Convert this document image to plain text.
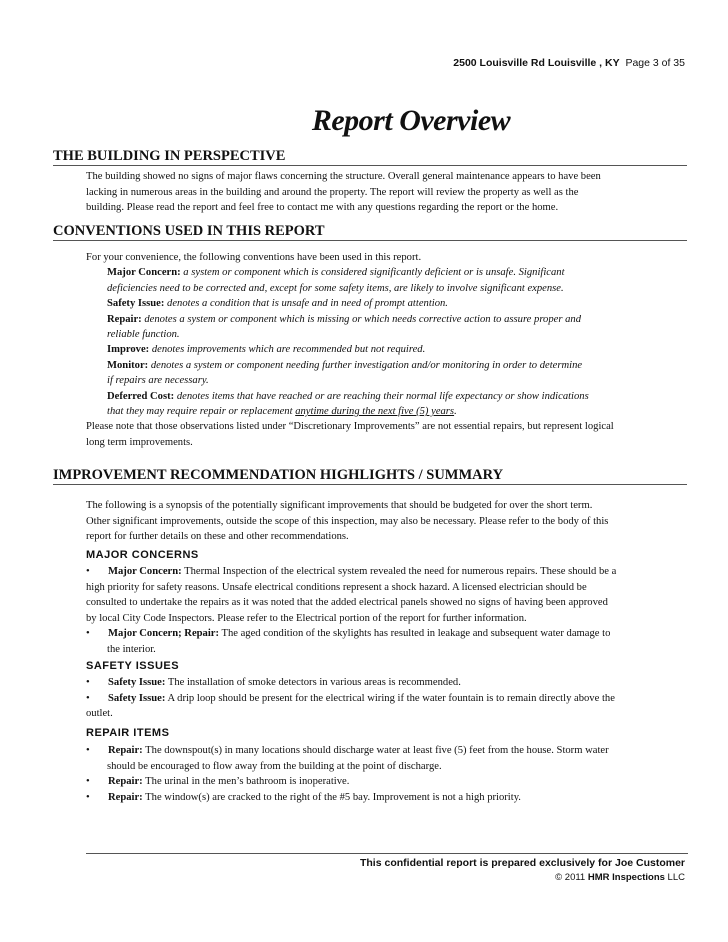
2500 Louisville Rd Louisville , KY Page 3 of 35
Report Overview
THE BUILDING IN PERSPECTIVE
The building showed no signs of major flaws concerning the structure. Overall general maintenance appears to have been
lacking in numerous areas in the building and around the property. The report will review the property as well as the
building. Please read the report and feel free to contact me with any questions regarding the report or the home.
CONVENTIONS USED IN THIS REPORT
For your convenience, the following conventions have been used in this report.
Major Concern: a system or component which is considered significantly deficient or is unsafe. Significant
deficiencies need to be corrected and, except for some safety items, are likely to involve significant expense.
Safety Issue: denotes a condition that is unsafe and in need of prompt attention.
Repair: denotes a system or component which is missing or which needs corrective action to assure proper and
reliable function.
Improve: denotes improvements which are recommended but not required.
Monitor: denotes a system or component needing further investigation and/or monitoring in order to determine
if repairs are necessary.
Deferred Cost: denotes items that have reached or are reaching their normal life expectancy or show indications
that they may require repair or replacement anytime during the next five (5) years.
Please note that those observations listed under “Discretionary Improvements” are not essential repairs, but represent logical
long term improvements.
IMPROVEMENT RECOMMENDATION HIGHLIGHTS / SUMMARY
The following is a synopsis of the potentially significant improvements that should be budgeted for over the short term.
Other significant improvements, outside the scope of this inspection, may also be necessary. Please refer to the body of this
report for further details on these and other recommendations.
MAJOR CONCERNS
• Major Concern: Thermal Inspection of the electrical system revealed the need for numerous repairs. These should be a
high priority for safety reasons. Unsafe electrical conditions represent a shock hazard. A licensed electrician should be
consulted to undertake the repairs as it was noted that the added electrical panels showed no signs of having been approved
by local City Code Inspectors. Please refer to the Electrical portion of the report for further information.
• Major Concern; Repair: The aged condition of the skylights has resulted in leakage and subsequent water damage to
the interior.
SAFETY ISSUES
• Safety Issue: The installation of smoke detectors in various areas is recommended.
• Safety Issue: A drip loop should be present for the electrical wiring if the water fountain is to remain directly above the
outlet.
REPAIR ITEMS
• Repair: The downspout(s) in many locations should discharge water at least five (5) feet from the house. Storm water
should be encouraged to flow away from the building at the point of discharge.
• Repair: The urinal in the men’s bathroom is inoperative.
• Repair: The window(s) are cracked to the right of the #5 bay. Improvement is not a high priority.
This confidential report is prepared exclusively for Joe Customer
© 2011 HMR Inspections LLC
